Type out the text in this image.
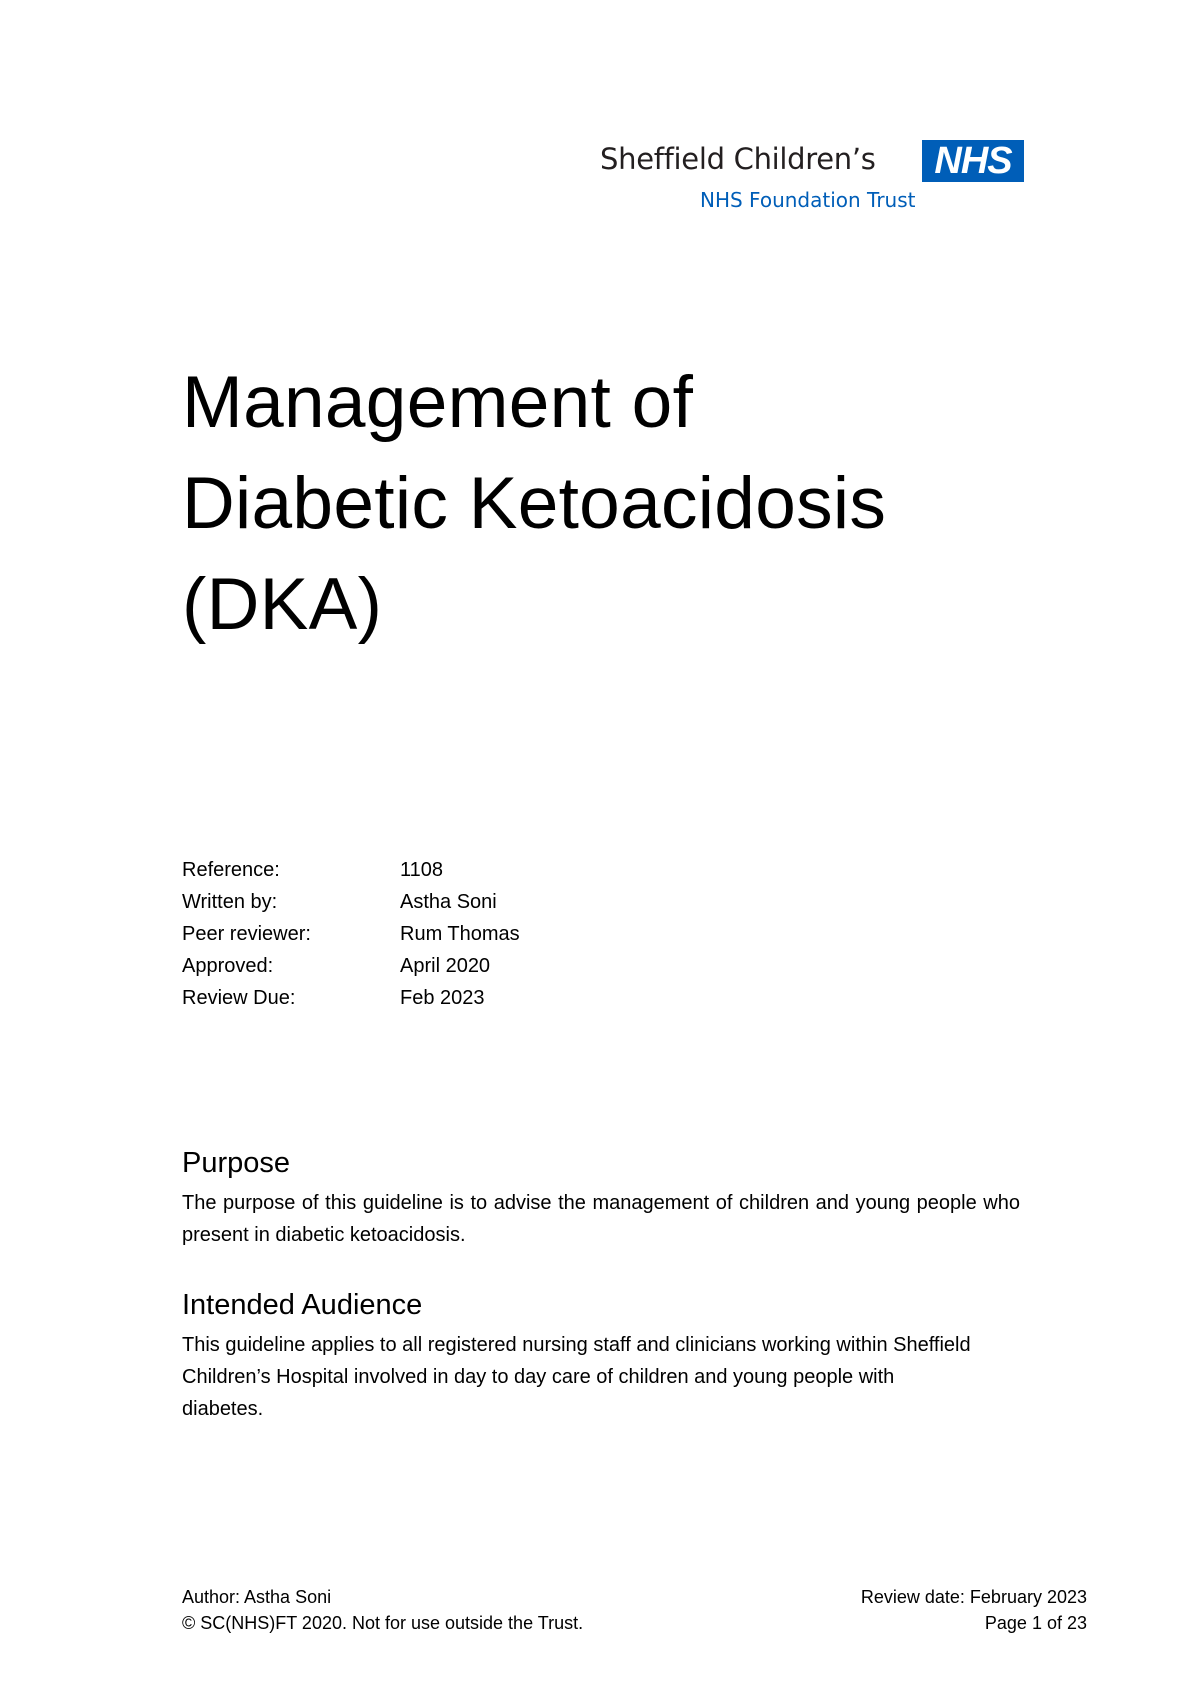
Sheffield Children’s	NHS
NHS Foundation Trust
Management of
Diabetic Ketoacidosis
(DKA)
Reference:	1108
Written by:	Astha Soni
Peer reviewer:	Rum Thomas
Approved:	April 2020
Review Due:	Feb 2023
Purpose

The purpose of this guideline is to advise the management of children and young people who present in diabetic ketoacidosis.

Intended Audience

This guideline applies to all registered nursing staff and clinicians working within Sheffield Children’s Hospital involved in day to day care of children and young people with diabetes.

Author: Astha Soni	Review date: February 2023
© SC(NHS)FT 2020. Not for use outside the Trust.	Page 1 of 23
